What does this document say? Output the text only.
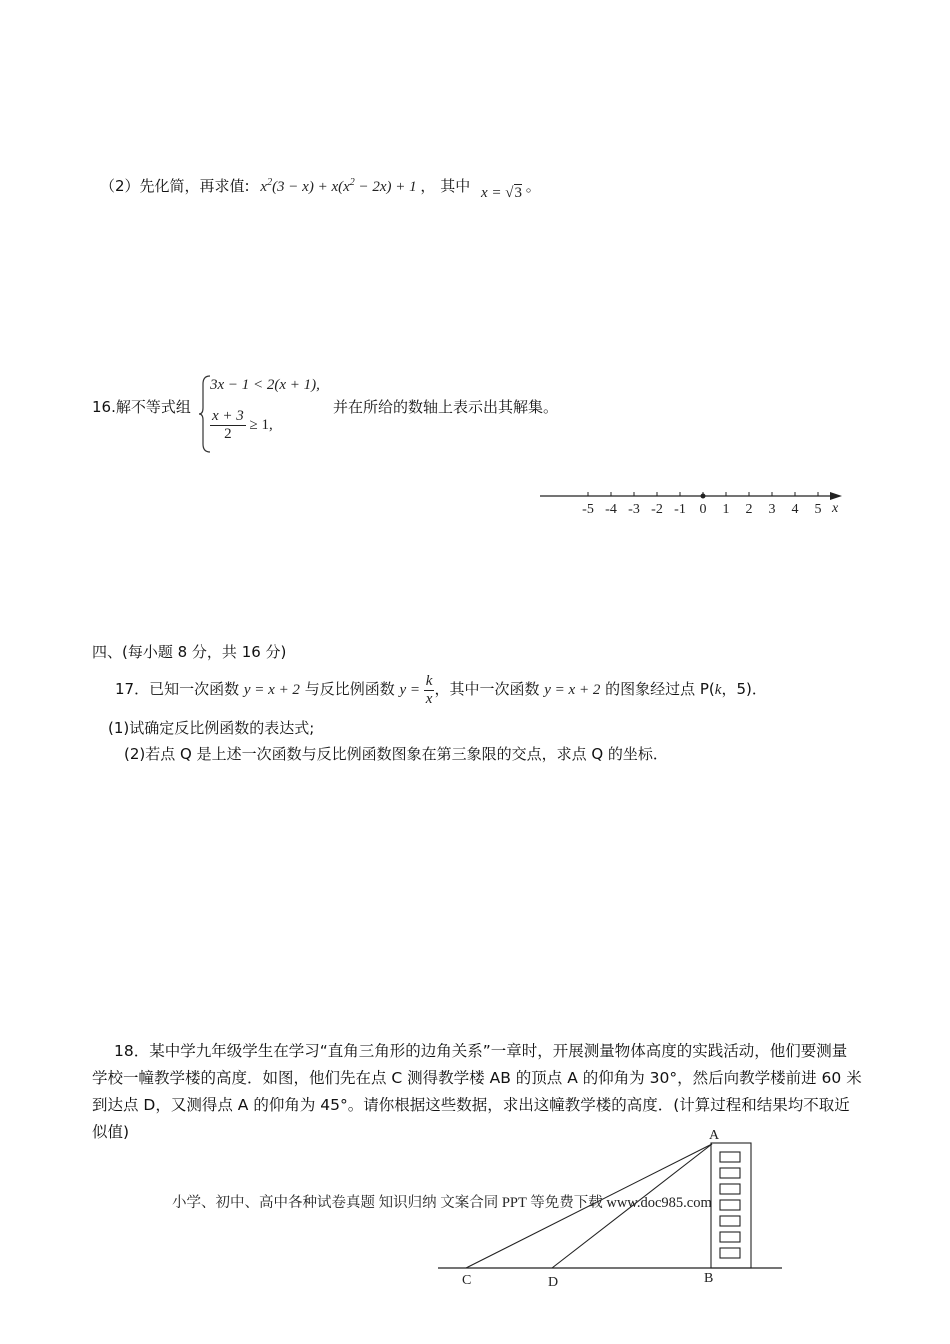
（2）先化简，再求值: $x^2(3 - x) + x(x^2 - 2x) + 1$ ， 其中 x = √3 。
16.解不等式组
3x − 1 < 2(x + 1),
$\frac{x + 3}{2} \ge 1$,
并在所给的数轴上表示出其解集。
-5 -4 -3 -2 -1 0 1 2 3 4 5 x
四、(每小题 8 分，共 16 分)
17．已知一次函数 y = x + 2 与反比例函数 $y = \frac{k}{x}$ ，其中一次函数 y = x + 2 的图象经过点 P(k，5)．
(1)试确定反比例函数的表达式;
(2)若点 Q 是上述一次函数与反比例函数图象在第三象限的交点，求点 Q 的坐标．
18．某中学九年级学生在学习“直角三角形的边角关系”一章时，开展测量物体高度的实践活动，他们要测量学校一幢教学楼的高度．如图，他们先在点 C 测得教学楼 AB 的顶点 A 的仰角为 30°，然后向教学楼前进 60 米到达点 D，又测得点 A 的仰角为 45°。请你根据这些数据，求出这幢教学楼的高度．(计算过程和结果均不取近似值)	A
B
C	D
小学、初中、高中各种试卷真题 知识归纳 文案合同 PPT 等免费下载 www.doc985.com
